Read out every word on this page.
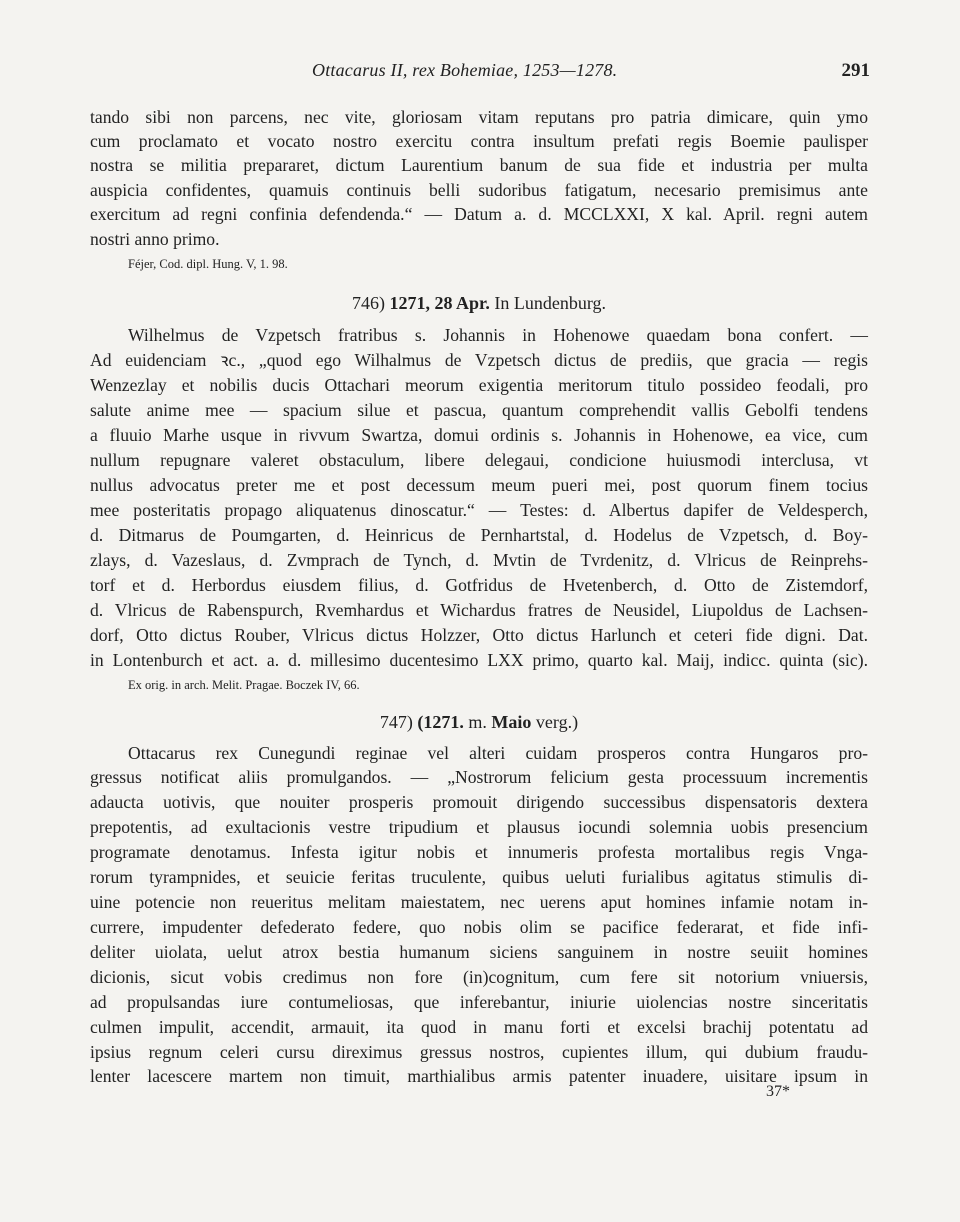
Ottacarus II, rex Bohemiae, 1253—1278.	291
tando sibi non parcens, nec vite, gloriosam vitam reputans pro patria dimicare, quin ymo
cum proclamato et vocato nostro exercitu contra insultum prefati regis Boemie paulisper
nostra se militia prepararet, dictum Laurentium banum de sua fide et industria per multa
auspicia confidentes, quamuis continuis belli sudoribus fatigatum, necesario premisimus ante
exercitum ad regni confinia defendenda.“ — Datum a. d. MCCLXXI, X kal. April. regni autem
nostri anno primo.
Féjer, Cod. dipl. Hung. V, 1. 98.
746) 1271, 28 Apr. In Lundenburg.
Wilhelmus de Vzpetsch fratribus s. Johannis in Hohenowe quaedam bona confert. —
Ad euidenciam ꝛc., „quod ego Wilhalmus de Vzpetsch dictus de prediis, que gracia — regis
Wenzezlay et nobilis ducis Ottachari meorum exigentia meritorum titulo possideo feodali, pro
salute anime mee — spacium silue et pascua, quantum comprehendit vallis Gebolfi tendens
a fluuio Marhe usque in rivvum Swartza, domui ordinis s. Johannis in Hohenowe, ea vice, cum
nullum repugnare valeret obstaculum, libere delegaui, condicione huiusmodi interclusa, vt
nullus advocatus preter me et post decessum meum pueri mei, post quorum finem tocius
mee posteritatis propago aliquatenus dinoscatur.“ — Testes: d. Albertus dapifer de Veldesperch,
d. Ditmarus de Poumgarten, d. Heinricus de Pernhartstal, d. Hodelus de Vzpetsch, d. Boy-
zlays, d. Vazeslaus, d. Zvmprach de Tynch, d. Mvtin de Tvrdenitz, d. Vlricus de Reinprehs-
torf et d. Herbordus eiusdem filius, d. Gotfridus de Hvetenberch, d. Otto de Zistemdorf,
d. Vlricus de Rabenspurch, Rvemhardus et Wichardus fratres de Neusidel, Liupoldus de Lachsen-
dorf, Otto dictus Rouber, Vlricus dictus Holzzer, Otto dictus Harlunch et ceteri fide digni. Dat.
in Lontenburch et act. a. d. millesimo ducentesimo LXX primo, quarto kal. Maij, indicc. quinta (sic).
Ex orig. in arch. Melit. Pragae. Boczek IV, 66.
747) (1271. m. Maio verg.)
Ottacarus rex Cunegundi reginae vel alteri cuidam prosperos contra Hungaros pro-
gressus notificat aliis promulgandos. — „Nostrorum felicium gesta processuum incrementis
adaucta uotivis, que nouiter prosperis promouit dirigendo successibus dispensatoris dextera
prepotentis, ad exultacionis vestre tripudium et plausus iocundi solemnia uobis presencium
programate denotamus. Infesta igitur nobis et innumeris profesta mortalibus regis Vnga-
rorum tyrampnides, et seuicie feritas truculente, quibus ueluti furialibus agitatus stimulis di-
uine potencie non reueritus melitam maiestatem, nec uerens aput homines infamie notam in-
currere, impudenter defederato federe, quo nobis olim se pacifice federarat, et fide infi-
deliter uiolata, uelut atrox bestia humanum siciens sanguinem in nostre seuiit homines
dicionis, sicut vobis credimus non fore (in)cognitum, cum fere sit notorium vniuersis,
ad propulsandas iure contumeliosas, que inferebantur, iniurie uiolencias nostre sinceritatis
culmen impulit, accendit, armauit, ita quod in manu forti et excelsi brachij potentatu ad
ipsius regnum celeri cursu direximus gressus nostros, cupientes illum, qui dubium fraudu-
lenter lacescere martem non timuit, marthialibus armis patenter inuadere, uisitare ipsum in
37*
